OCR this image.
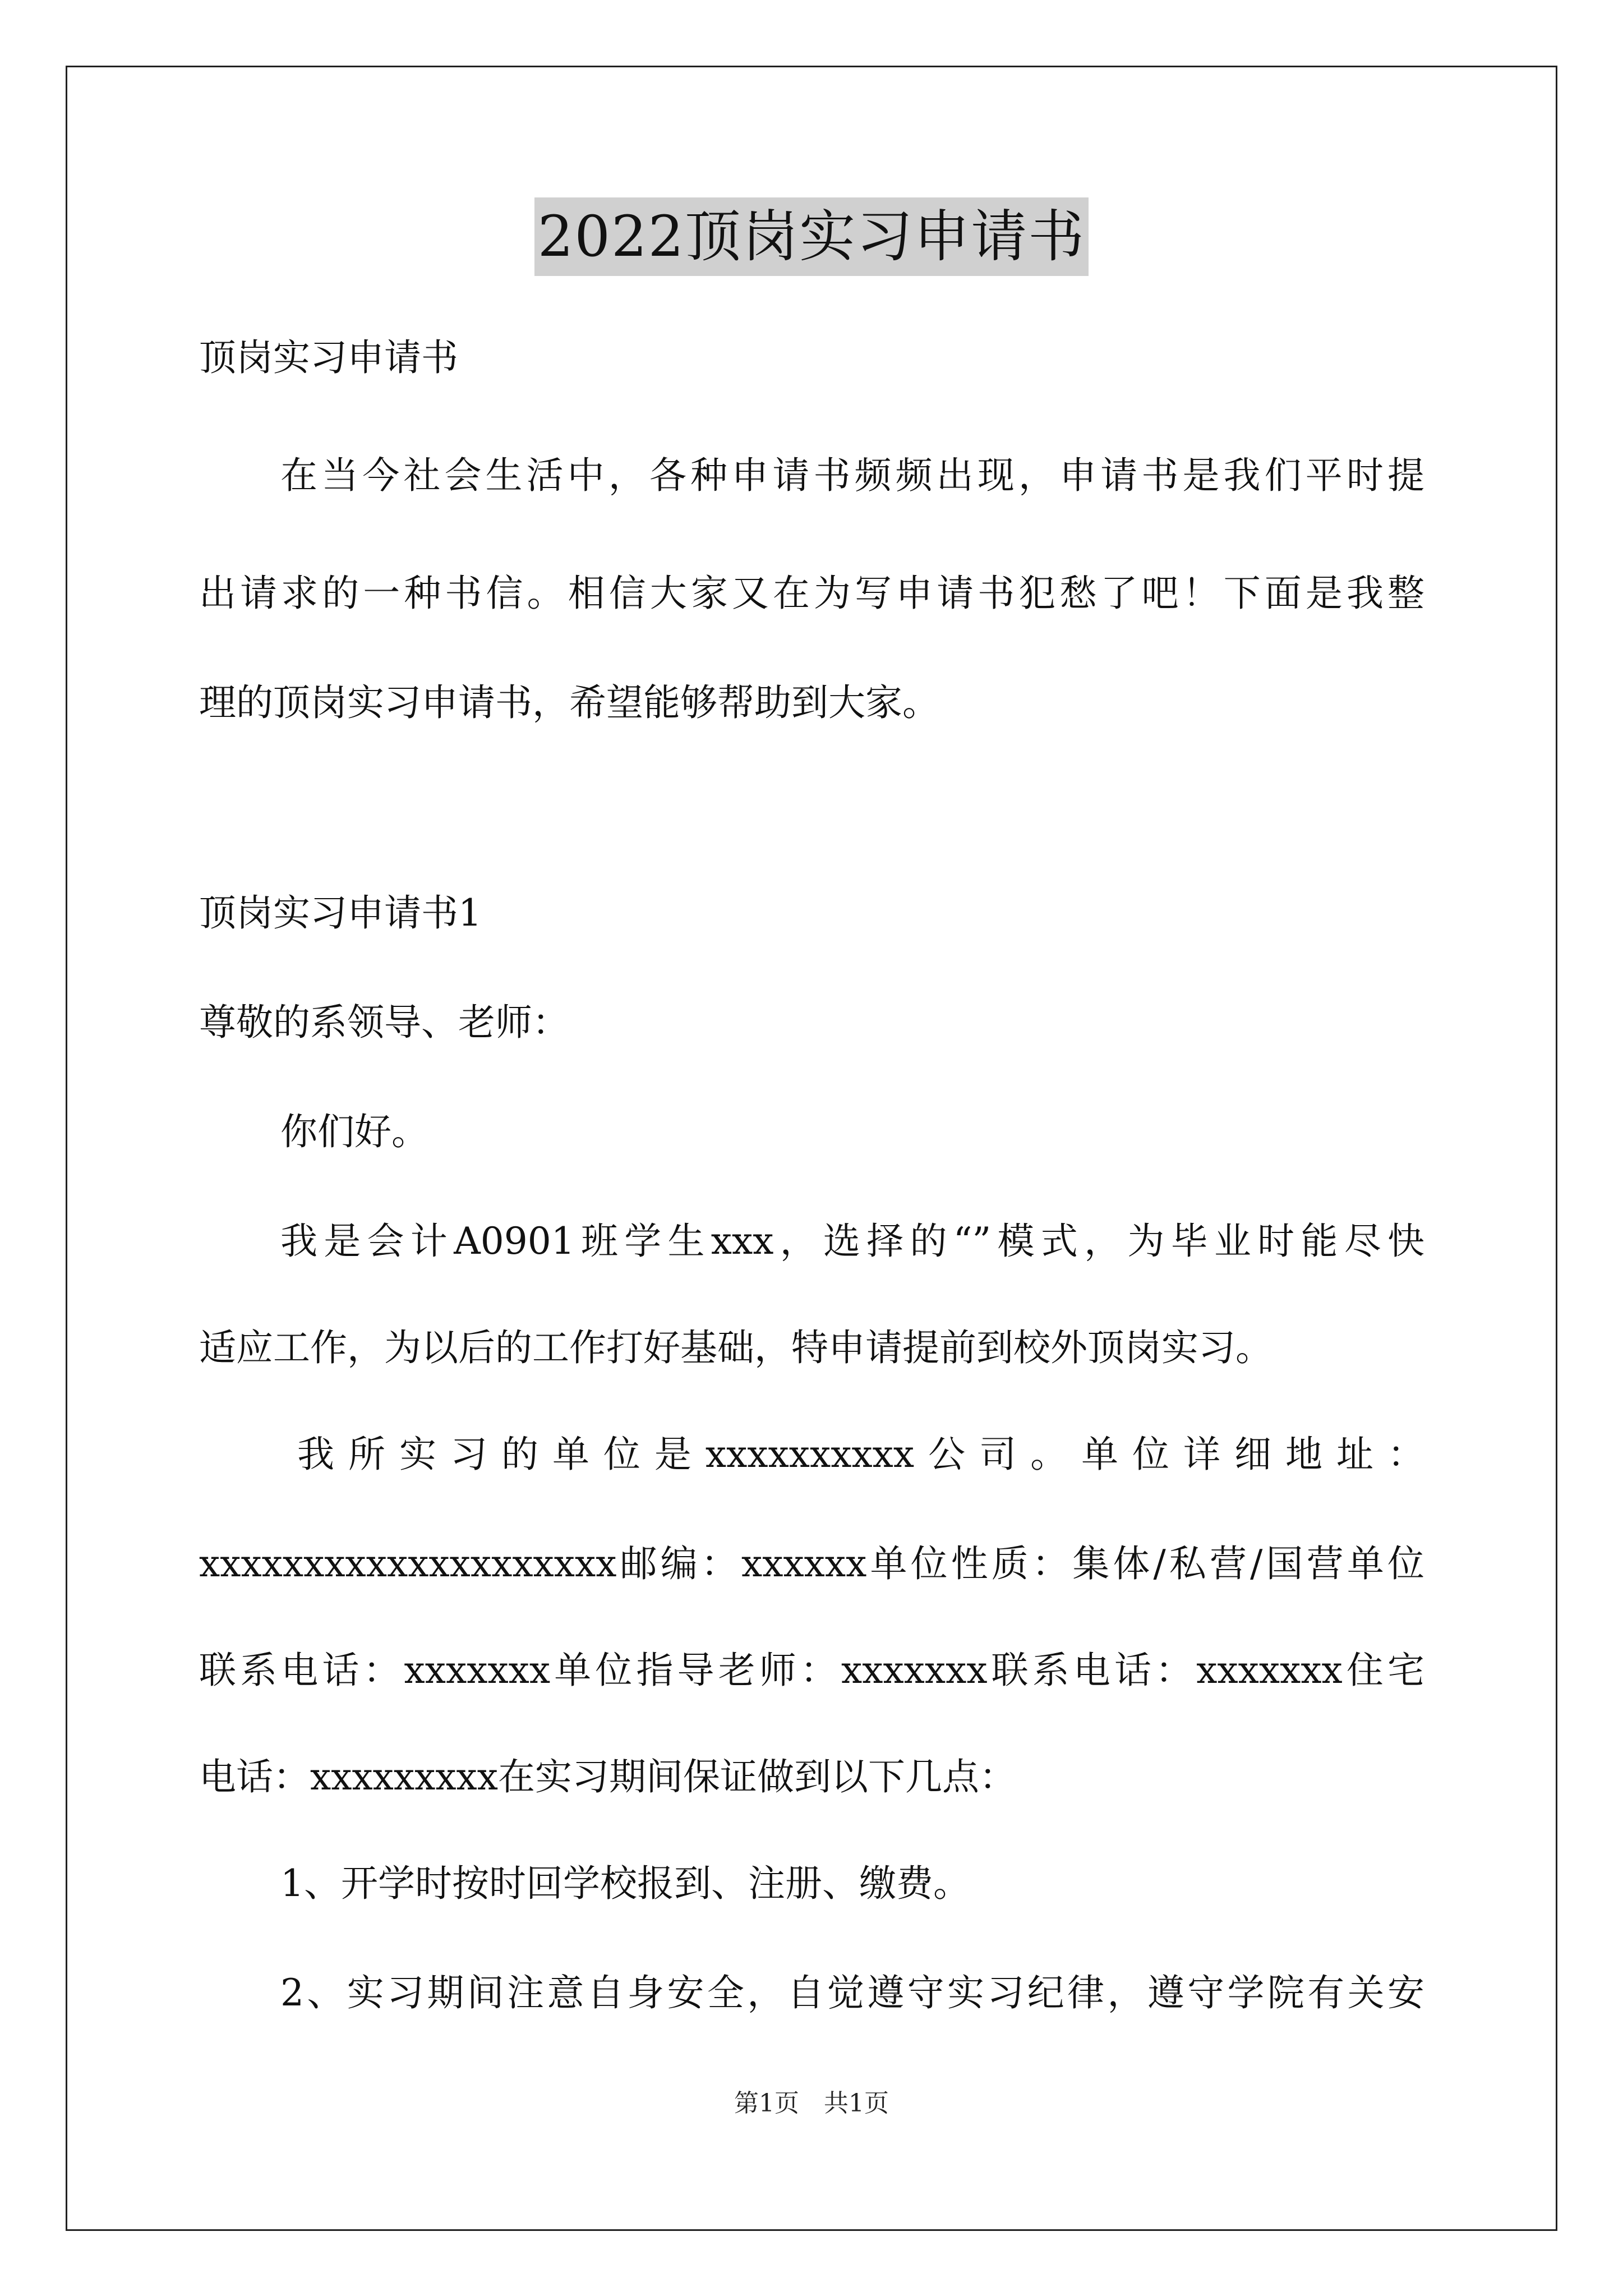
2022顶岗实习申请书
顶岗实习申请书
在当今社会生活中，各种申请书频频出现，申请书是我们平时提
出请求的一种书信。相信大家又在为写申请书犯愁了吧！下面是我整
理的顶岗实习申请书，希望能够帮助到大家。
顶岗实习申请书1
尊敬的系领导、老师：
你们好。
我是会计A0901班学生xxx，选择的“”模式，为毕业时能尽快
适应工作，为以后的工作打好基础，特申请提前到校外顶岗实习。
我所实习的单位是xxxxxxxxxx公司。单位详细地址：
xxxxxxxxxxxxxxxxxxxx邮编：xxxxxx单位性质：集体/私营/国营单位
联系电话：xxxxxxx单位指导老师：xxxxxxx联系电话：xxxxxxx住宅
电话：xxxxxxxxx在实习期间保证做到以下几点：
1、开学时按时回学校报到、注册、缴费。
2、实习期间注意自身安全，自觉遵守实习纪律，遵守学院有关安
第1页　共1页
